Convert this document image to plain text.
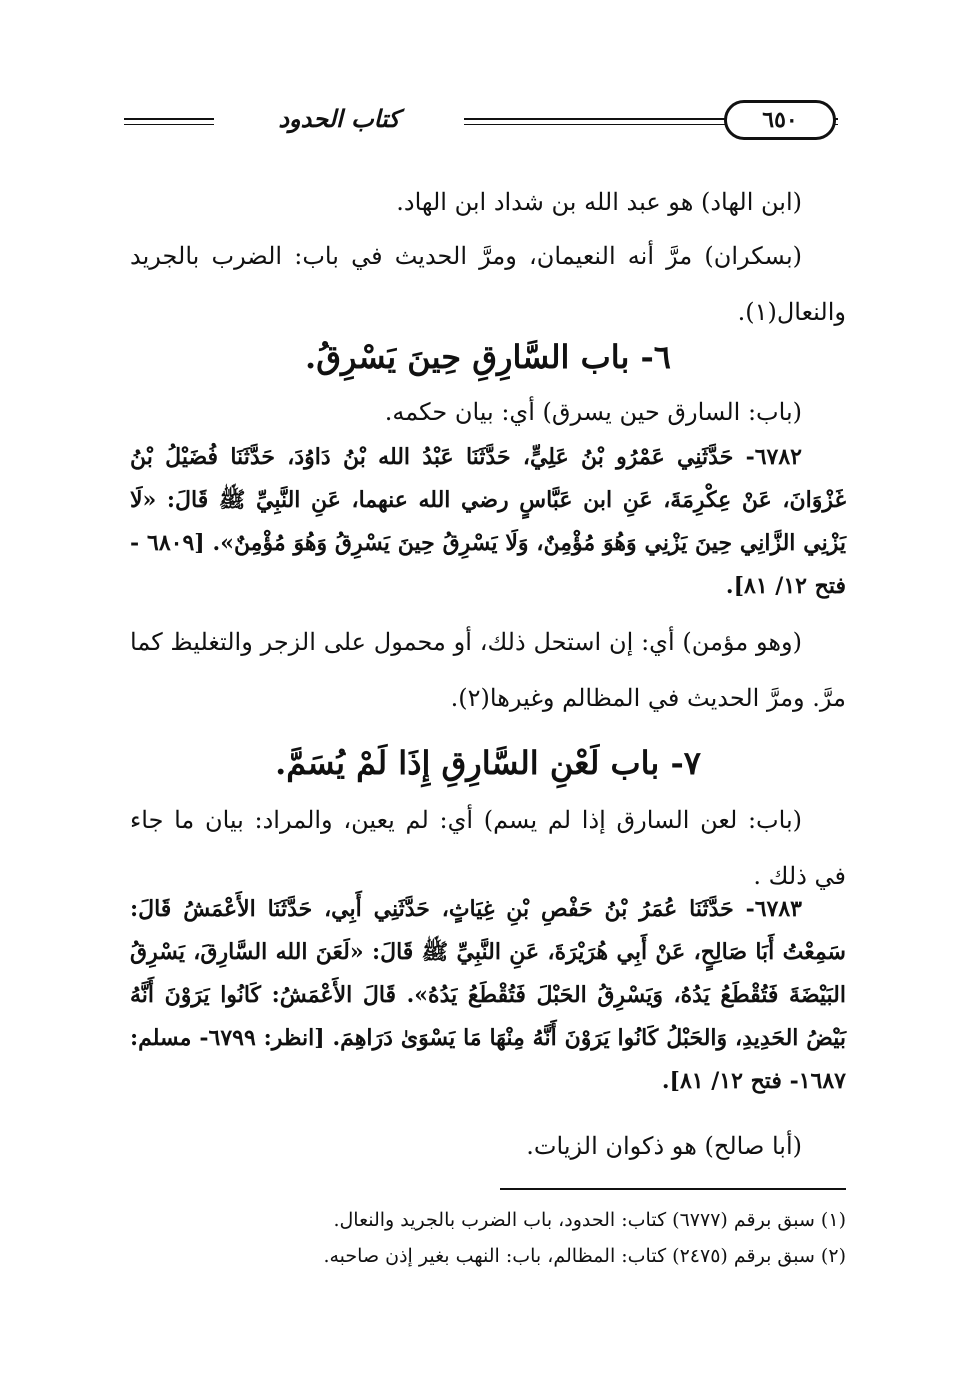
كتاب الحدود	٦٥٠
(ابن الهاد) هو عبد الله بن شداد ابن الهاد.
(بسكران) مرَّ أنه النعيمان، ومرَّ الحديث في باب: الضرب بالجريد والنعال(١).
٦- باب السَّارِقِ حِينَ يَسْرِقُ.
(باب: السارق حين يسرق) أي: بيان حكمه.
٦٧٨٢- حَدَّثَنِي عَمْرُو بْنُ عَلِيٍّ، حَدَّثَنَا عَبْدُ الله بْنُ دَاوُدَ، حَدَّثَنَا فُضَيْلُ بْنُ غَزْوَانَ، عَنْ عِكْرِمَةَ، عَنِ ابن عَبَّاسٍ رضي الله عنهما، عَنِ النَّبِيِّ ﷺ قَالَ: «لَا يَزْنِي الزَّانِي حِينَ يَزْنِي وَهُوَ مُؤْمِنٌ، وَلَا يَسْرِقُ حِينَ يَسْرِقُ وَهُوَ مُؤْمِنٌ». [٦٨٠٩ - فتح ١٢/ ٨١].
(وهو مؤمن) أي: إن استحل ذلك، أو محمول على الزجر والتغليظ كما مرَّ. ومرَّ الحديث في المظالم وغيرها(٢).
٧- باب لَعْنِ السَّارِقِ إِذَا لَمْ يُسَمَّ.
(باب: لعن السارق إذا لم يسم) أي: لم يعين، والمراد: بيان ما جاء في ذلك .
٦٧٨٣- حَدَّثَنَا عُمَرُ بْنُ حَفْصِ بْنِ غِيَاثٍ، حَدَّثَنِي أَبِي، حَدَّثَنَا الأَعْمَشُ قَالَ: سَمِعْتُ أَبَا صَالِحٍ، عَنْ أَبِي هُرَيْرَةَ، عَنِ النَّبِيِّ ﷺ قَالَ: «لَعَنَ الله السَّارِقَ، يَسْرِقُ البَيْضَةَ فَتُقْطَعُ يَدُهُ، وَيَسْرِقُ الحَبْلَ فَتُقْطَعُ يَدُهُ». قَالَ الأَعْمَشُ: كَانُوا يَرَوْنَ أَنَّهُ بَيْضُ الحَدِيدِ، وَالحَبْلُ كَانُوا يَرَوْنَ أَنَّهُ مِنْهَا مَا يَسْوَىٰ دَرَاهِمَ. [انظر: ٦٧٩٩- مسلم: ١٦٨٧- فتح ١٢/ ٨١].
(أبا صالح) هو ذكوان الزيات.
(١) سبق برقم (٦٧٧٧) كتاب: الحدود، باب الضرب بالجريد والنعال.
(٢) سبق برقم (٢٤٧٥) كتاب: المظالم، باب: النهب بغير إذن صاحبه.
